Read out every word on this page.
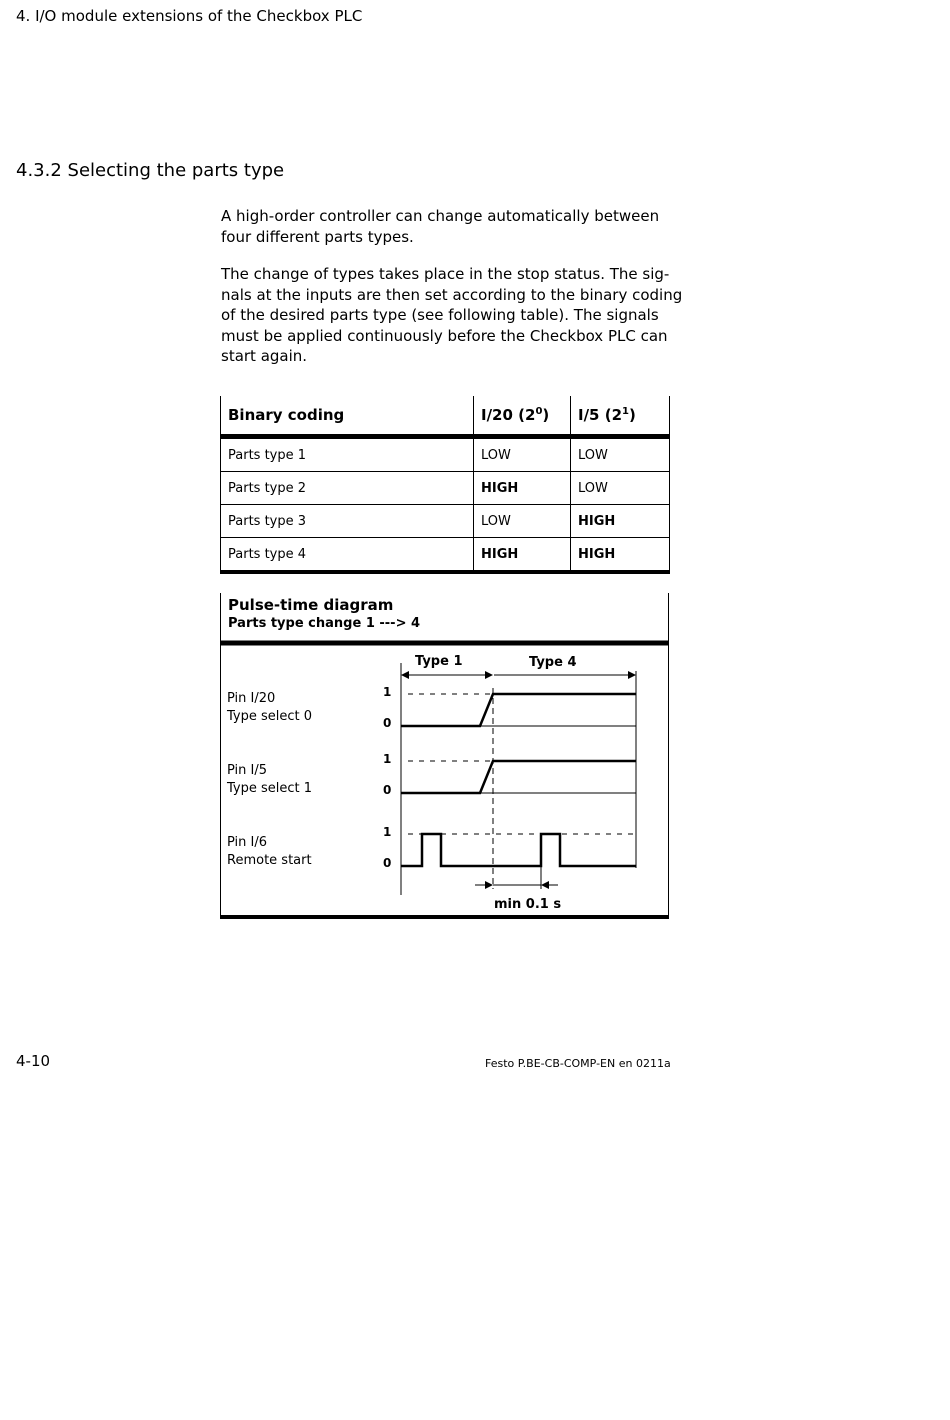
4. I/O module extensions of the Checkbox PLC
4.3.2 Selecting the parts type
A high-order controller can change automatically between
four different parts types.
The change of types takes place in the stop status. The sig-
nals at the inputs are then set according to the binary coding
of the desired parts type (see following table). The signals
must be applied continuously before the Checkbox PLC can
start again.
Binary coding	I/20 $(2^0)$	I/5 $(2^1)$
Parts type 1	LOW	LOW
Parts type 2	HIGH	LOW
Parts type 3	LOW	HIGH
Parts type 4	HIGH	HIGH
Pulse-time diagram
Parts type change 1 ---> 4
Type 1	Type 4
Pin I/20
Type select 0
1
0
Pin I/5
Type select 1
1
0
Pin I/6
Remote start
1
0
min 0.1 s
4-10	Festo P.BE-CB-COMP-EN en 0211a
